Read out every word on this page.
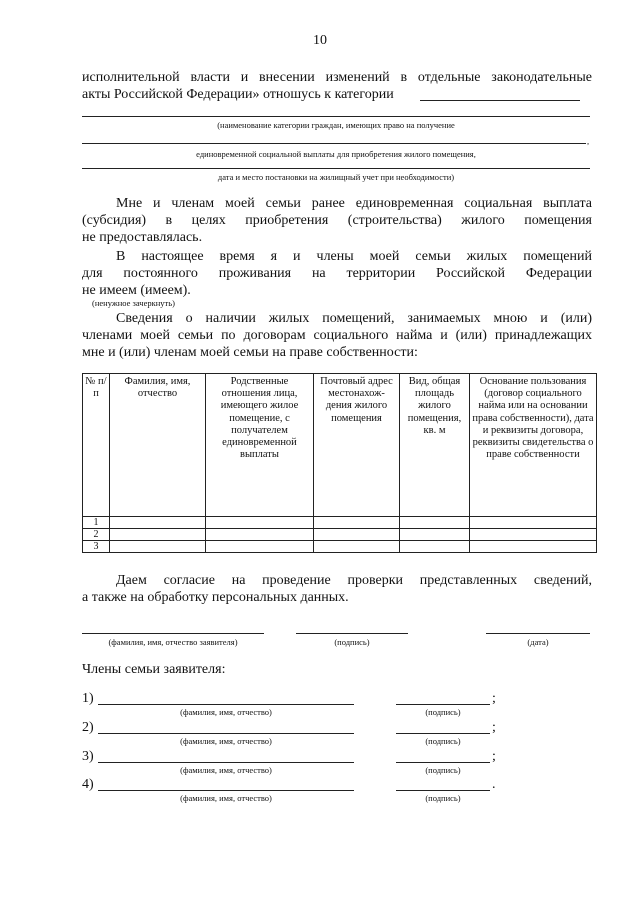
10
исполнительной власти и внесении изменений в отдельные законодательные
акты Российской Федерации» отношусь к категории
(наименование категории граждан, имеющих право на получение
,
единовременной социальной выплаты для приобретения жилого помещения,
дата и место постановки на жилищный учет при необходимости)
Мне и членам моей семьи ранее единовременная социальная выплата
(субсидия) в целях приобретения (строительства) жилого помещения
не предоставлялась.
В настоящее время я и члены моей семьи жилых помещений
для постоянного проживания на территории Российской Федерации
не имеем (имеем).
(ненужное зачеркнуть)
Сведения о наличии жилых помещений, занимаемых мною и (или)
членами моей семьи по договорам социального найма и (или) принадлежащих
мне и (или) членам моей семьи на праве собственности:
№ п/п	Фамилия, имя, отчество	Родственные отношения лица, имеющего жилое помещение, с получателем единовременной выплаты	Почтовый адрес местонахож-дения жилого помещения	Вид, общая площадь жилого помещения, кв. м	Основание пользования (договор социального найма или на основании права собственности), дата и реквизиты договора, реквизиты свидетельства о праве собственности
1					
2					
3					
Даем согласие на проведение проверки представленных сведений,
а также на обработку персональных данных.
(фамилия, имя, отчество заявителя)	(подпись)	(дата)
Члены семьи заявителя:
1)
(фамилия, имя, отчество)
;
(подпись)
2)
(фамилия, имя, отчество)
;
(подпись)
3)
(фамилия, имя, отчество)
;
(подпись)
4)
(фамилия, имя, отчество)
.
(подпись)
